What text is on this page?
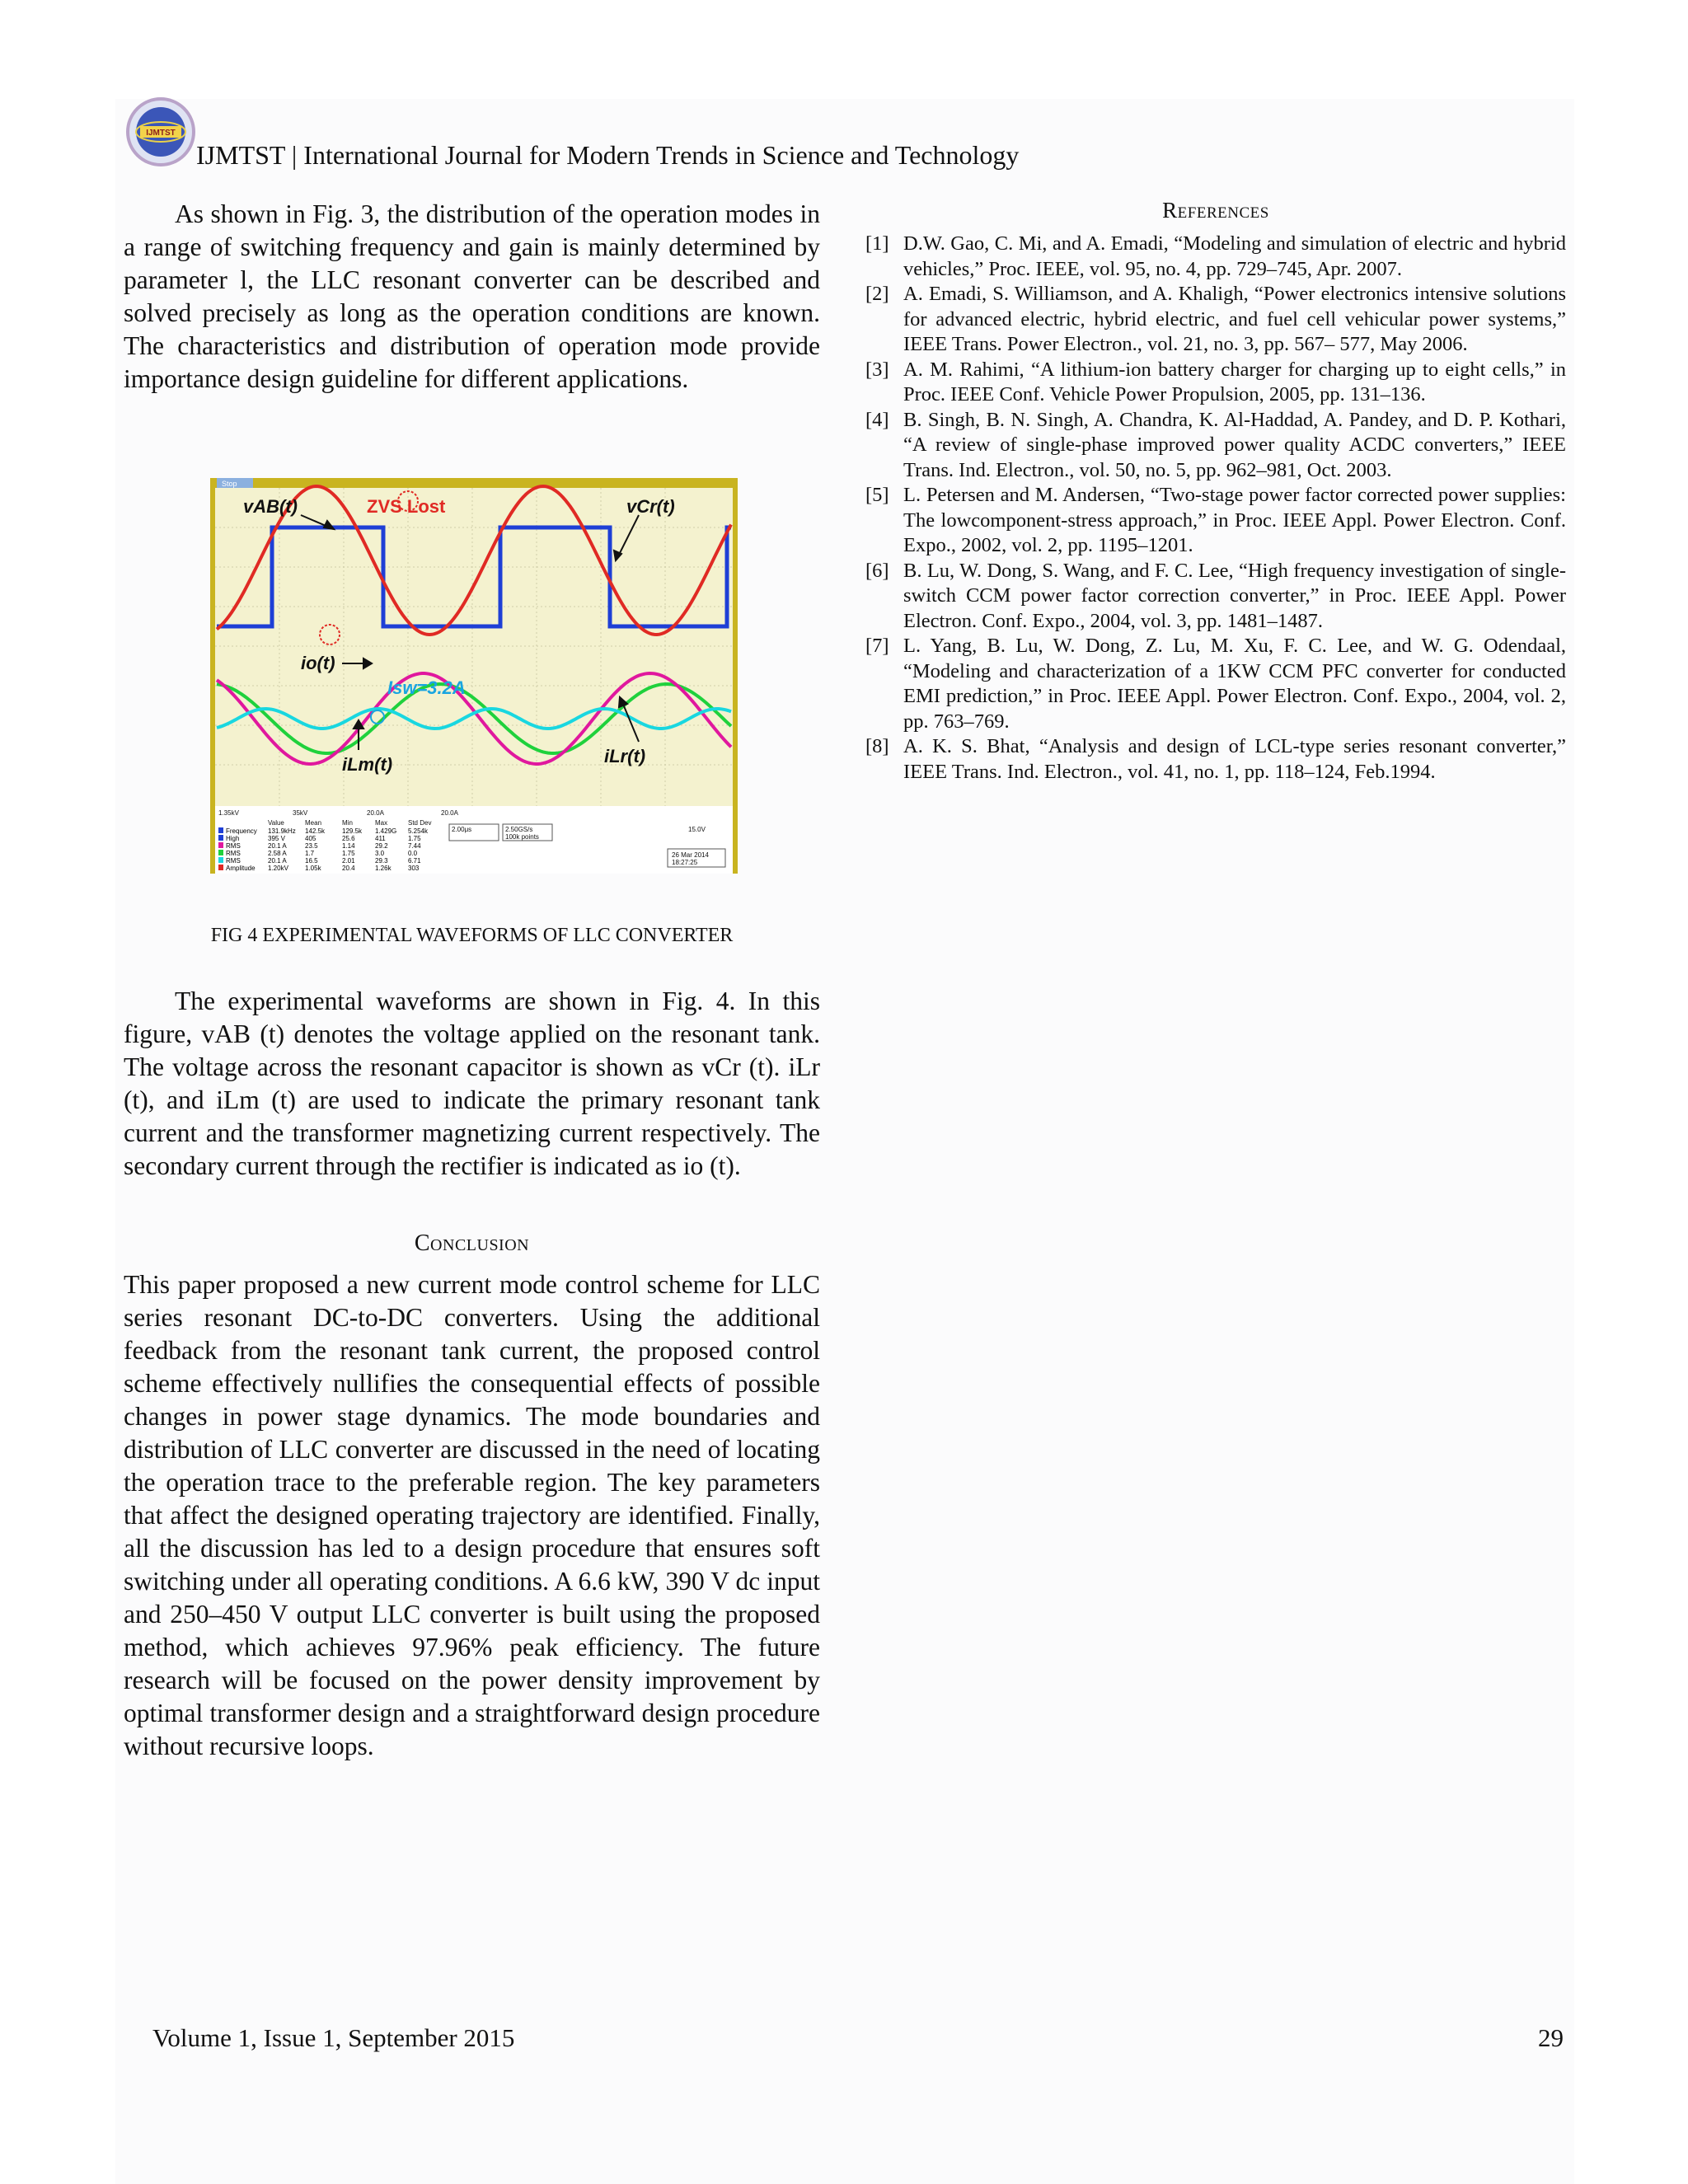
IJMTST
IJMTST | International Journal for Modern Trends in Science and Technology

As shown in Fig. 3, the distribution of the operation modes in a range of switching frequency and gain is mainly determined by parameter l, the LLC resonant converter can be described and solved precisely as long as the operation conditions are known. The characteristics and distribution of operation mode provide importance design guideline for different applications.

Stop
vAB(t)	ZVS Lost	vCr(t)
io(t)
Isw=3.2A
iLm(t)	iLr(t)
1.35kV	35kV	20.0A	20.0A
Value	Mean	Min	Max	Std Dev
Frequency 131.9kHz 142.5k	129.5k 1.429G 5.254k
High	395 V	405	25.6	411	1.75
RMS	20.1 A	23.5	1.14	29.2	7.44
RMS	2.58 A	1.7	1.75	3.0	0.0
RMS	20.1 A	16.5	2.01	29.3	6.71
Amplitude 1.20kV	1.05k	20.4	1.26k	303
2.00μs	2.50GS/s
100k points
15.0V
26 Mar 2014
18:27:25
FIG 4 EXPERIMENTAL WAVEFORMS OF LLC CONVERTER

The experimental waveforms are shown in Fig. 4. In this figure, vAB (t) denotes the voltage applied on the resonant tank. The voltage across the resonant capacitor is shown as vCr (t). iLr (t), and iLm (t) are used to indicate the primary resonant tank current and the transformer magnetizing current respectively. The secondary current through the rectifier is indicated as io (t).

Conclusion

This paper proposed a new current mode control scheme for LLC series resonant DC-to-DC converters. Using the additional feedback from the resonant tank current, the proposed control scheme effectively nullifies the consequential effects of possible changes in power stage dynamics. The mode boundaries and distribution of LLC converter are discussed in the need of locating the operation trace to the preferable region. The key parameters that affect the designed operating trajectory are identified. Finally, all the discussion has led to a design procedure that ensures soft switching under all operating conditions. A 6.6 kW, 390 V dc input and 250–450 V output LLC converter is built using the proposed method, which achieves 97.96% peak efficiency. The future research will be focused on the power density improvement by optimal transformer design and a straightforward design procedure without recursive loops.

References
[1] D.W. Gao, C. Mi, and A. Emadi, “Modeling and simulation of electric and hybrid vehicles,” Proc. IEEE, vol. 95, no. 4, pp. 729–745, Apr. 2007.
[2] A. Emadi, S. Williamson, and A. Khaligh, “Power electronics intensive solutions for advanced electric, hybrid electric, and fuel cell vehicular power systems,” IEEE Trans. Power Electron., vol. 21, no. 3, pp. 567– 577, May 2006.
[3] A. M. Rahimi, “A lithium-ion battery charger for charging up to eight cells,” in Proc. IEEE Conf. Vehicle Power Propulsion, 2005, pp. 131–136.
[4] B. Singh, B. N. Singh, A. Chandra, K. Al-Haddad, A. Pandey, and D. P. Kothari, “A review of single-phase improved power quality ACDC converters,” IEEE Trans. Ind. Electron., vol. 50, no. 5, pp. 962–981, Oct. 2003.
[5] L. Petersen and M. Andersen, “Two-stage power factor corrected power supplies: The lowcomponent-stress approach,” in Proc. IEEE Appl. Power Electron. Conf. Expo., 2002, vol. 2, pp. 1195–1201.
[6] B. Lu, W. Dong, S. Wang, and F. C. Lee, “High frequency investigation of single-switch CCM power factor correction converter,” in Proc. IEEE Appl. Power Electron. Conf. Expo., 2004, vol. 3, pp. 1481–1487.
[7] L. Yang, B. Lu, W. Dong, Z. Lu, M. Xu, F. C. Lee, and W. G. Odendaal, “Modeling and characterization of a 1KW CCM PFC converter for conducted EMI prediction,” in Proc. IEEE Appl. Power Electron. Conf. Expo., 2004, vol. 2, pp. 763–769.
[8] A. K. S. Bhat, “Analysis and design of LCL-type series resonant converter,” IEEE Trans. Ind. Electron., vol. 41, no. 1, pp. 118–124, Feb.1994.
Volume 1, Issue 1, September 2015	29
